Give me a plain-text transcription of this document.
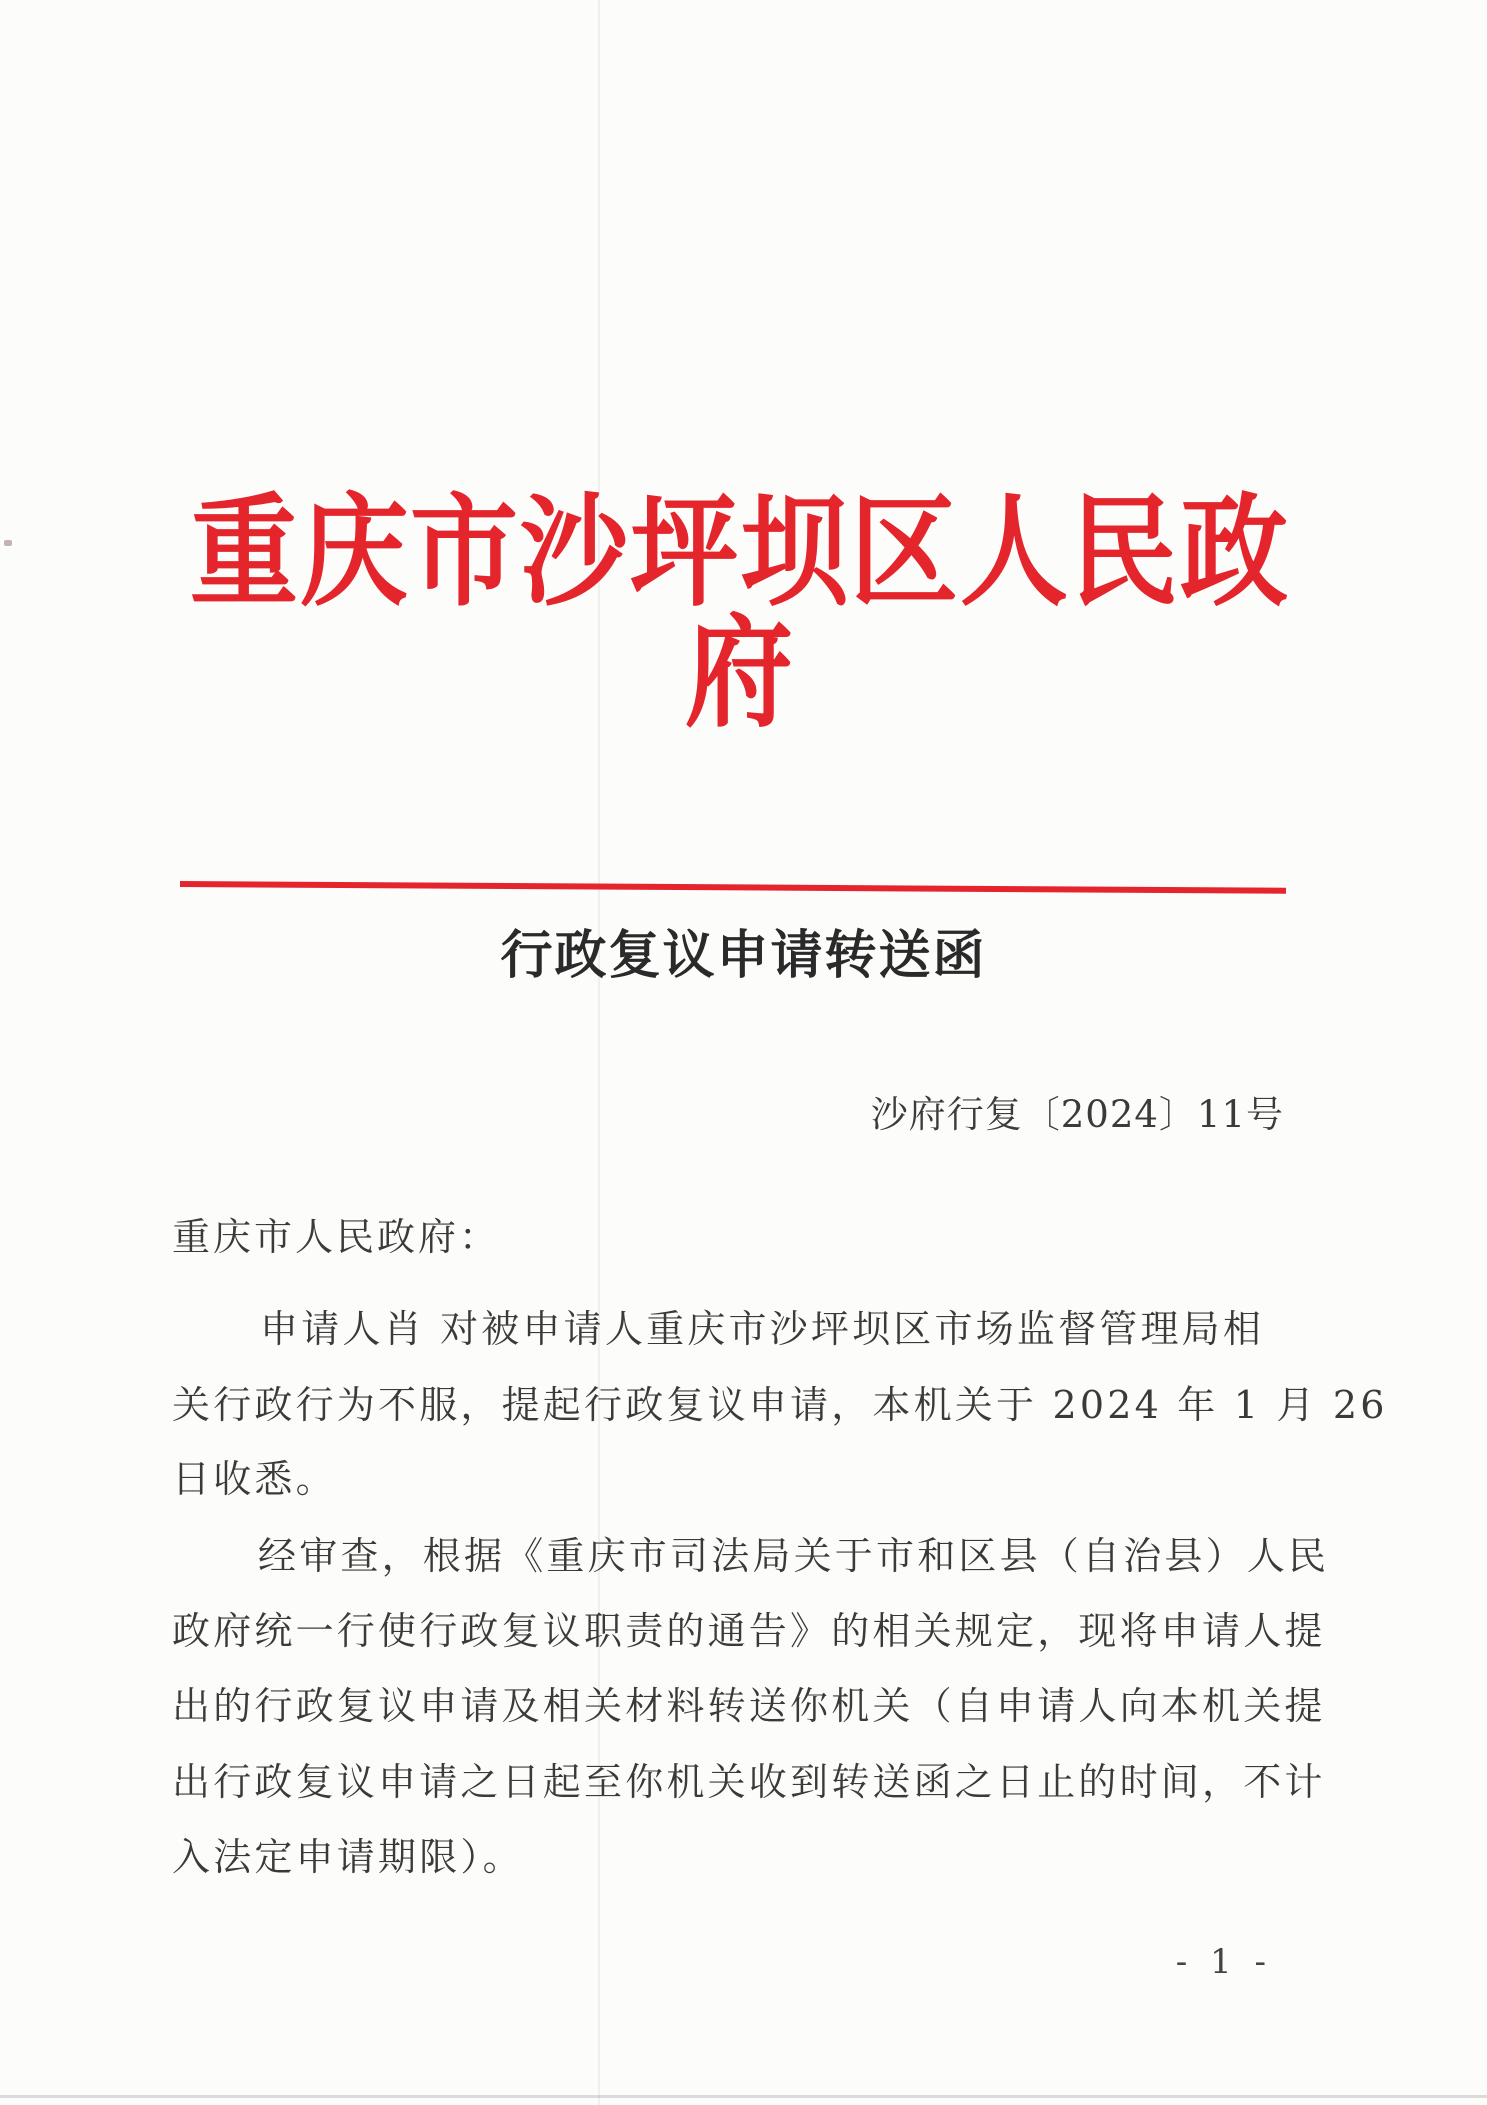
重庆市沙坪坝区人民政府
行政复议申请转送函
沙府行复〔2024〕11号
重庆市人民政府：
申请人肖 对被申请人重庆市沙坪坝区市场监督管理局相
关行政行为不服，提起行政复议申请，本机关于 2024 年 1 月 26
日收悉。
经审查，根据《重庆市司法局关于市和区县（自治县）人民
政府统一行使行政复议职责的通告》的相关规定，现将申请人提
出的行政复议申请及相关材料转送你机关（自申请人向本机关提
出行政复议申请之日起至你机关收到转送函之日止的时间，不计
入法定申请期限）。
- 1 -
